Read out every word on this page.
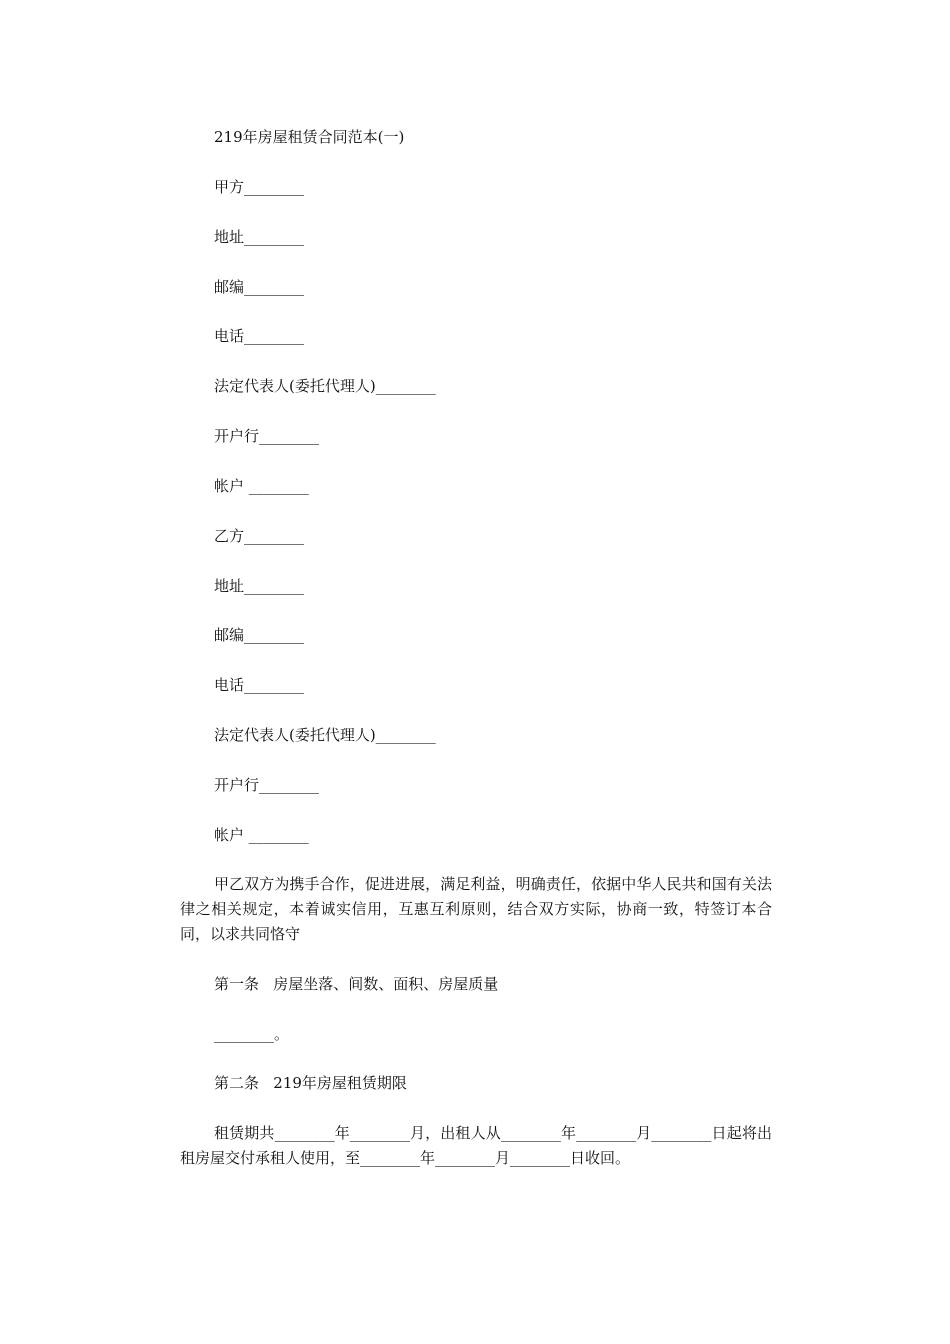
219年房屋租赁合同范本(一)
甲方________
地址________
邮编________
电话________
法定代表人(委托代理人)________
开户行________
帐户 ________
乙方________
地址________
邮编________
电话________
法定代表人(委托代理人)________
开户行________
帐户 ________
甲乙双方为携手合作，促进进展，满足利益，明确责任，依据中华人民共和国有关法律之相关规定，本着诚实信用，互惠互利原则，结合双方实际，协商一致，特签订本合同，以求共同恪守
第一条   房屋坐落、间数、面积、房屋质量
________。
第二条   219年房屋租赁期限
租赁期共________年________月，出租人从________年________月________日起将出租房屋交付承租人使用，至________年________月________日收回。
